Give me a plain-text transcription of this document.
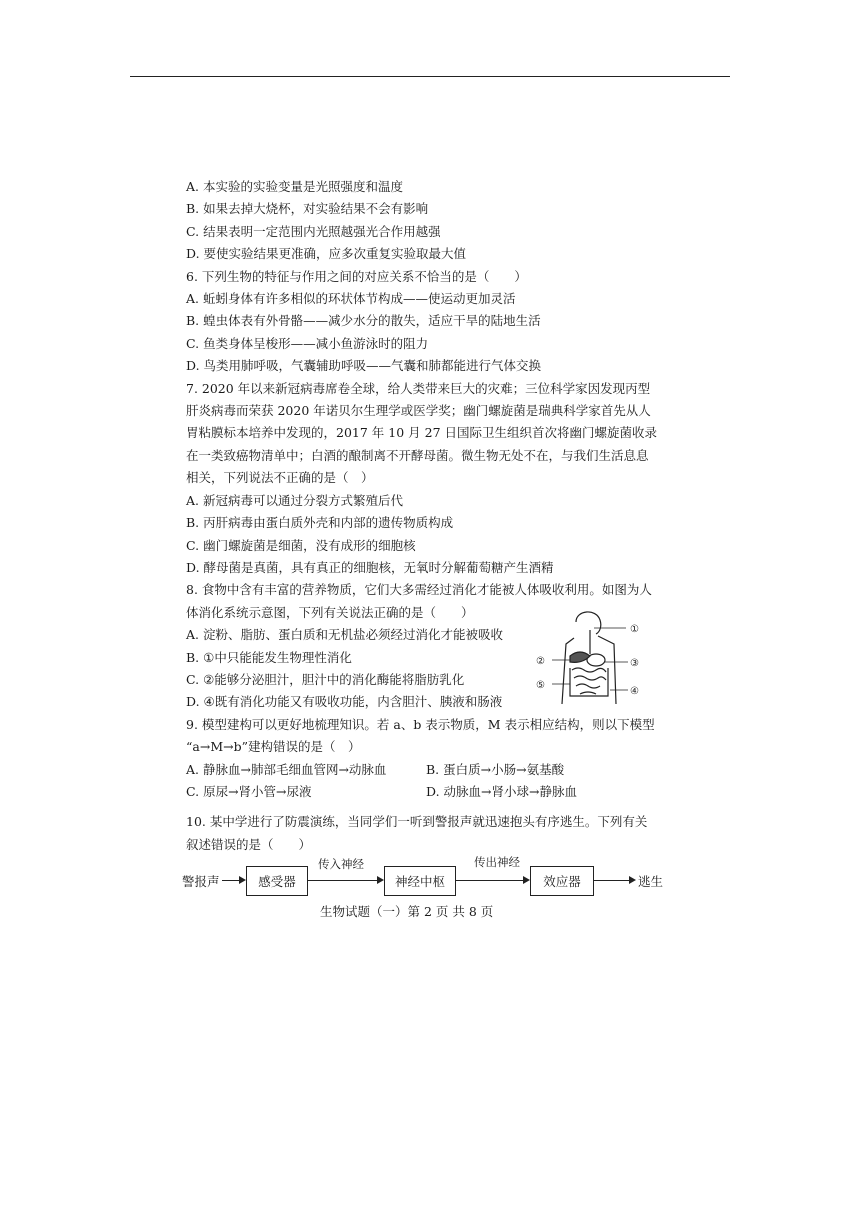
A. 本实验的实验变量是光照强度和温度
B. 如果去掉大烧杯，对实验结果不会有影响
C. 结果表明一定范围内光照越强光合作用越强
D. 要使实验结果更准确，应多次重复实验取最大值
6. 下列生物的特征与作用之间的对应关系不恰当的是（　　）
A. 蚯蚓身体有许多相似的环状体节构成——使运动更加灵活
B. 蝗虫体表有外骨骼——减少水分的散失，适应干旱的陆地生活
C. 鱼类身体呈梭形——减小鱼游泳时的阻力
D. 鸟类用肺呼吸，气囊辅助呼吸——气囊和肺都能进行气体交换
7. 2020 年以来新冠病毒席卷全球，给人类带来巨大的灾难；三位科学家因发现丙型
肝炎病毒而荣获 2020 年诺贝尔生理学或医学奖；幽门螺旋菌是瑞典科学家首先从人
胃粘膜标本培养中发现的，2017 年 10 月 27 日国际卫生组织首次将幽门螺旋菌收录
在一类致癌物清单中；白酒的酿制离不开酵母菌。微生物无处不在，与我们生活息息
相关，下列说法不正确的是（　）
A. 新冠病毒可以通过分裂方式繁殖后代
B. 丙肝病毒由蛋白质外壳和内部的遗传物质构成
C. 幽门螺旋菌是细菌，没有成形的细胞核
D. 酵母菌是真菌，具有真正的细胞核，无氧时分解葡萄糖产生酒精
8. 食物中含有丰富的营养物质，它们大多需经过消化才能被人体吸收利用。如图为人
体消化系统示意图，下列有关说法正确的是（　　）
A. 淀粉、脂肪、蛋白质和无机盐必须经过消化才能被吸收
B. ①中只能能发生物理性消化
C. ②能够分泌胆汁，胆汁中的消化酶能将脂肪乳化
D. ④既有消化功能又有吸收功能，内含胆汁、胰液和肠液
9. 模型建构可以更好地梳理知识。若 a、b 表示物质，M 表示相应结构，则以下模型
“a→M→b”建构错误的是（　）
A. 静脉血→肺部毛细血管网→动脉血	B. 蛋白质→小肠→氨基酸
C. 原尿→肾小管→尿液	D. 动脉血→肾小球→静脉血
10. 某中学进行了防震演练，当同学们一听到警报声就迅速抱头有序逃生。下列有关
叙述错误的是（　　）
①
②	③
④
⑤
警报声	感受器
传入神经
神经中枢
传出神经
效应器	逃生
生物试题（一）第 2 页 共 8 页
